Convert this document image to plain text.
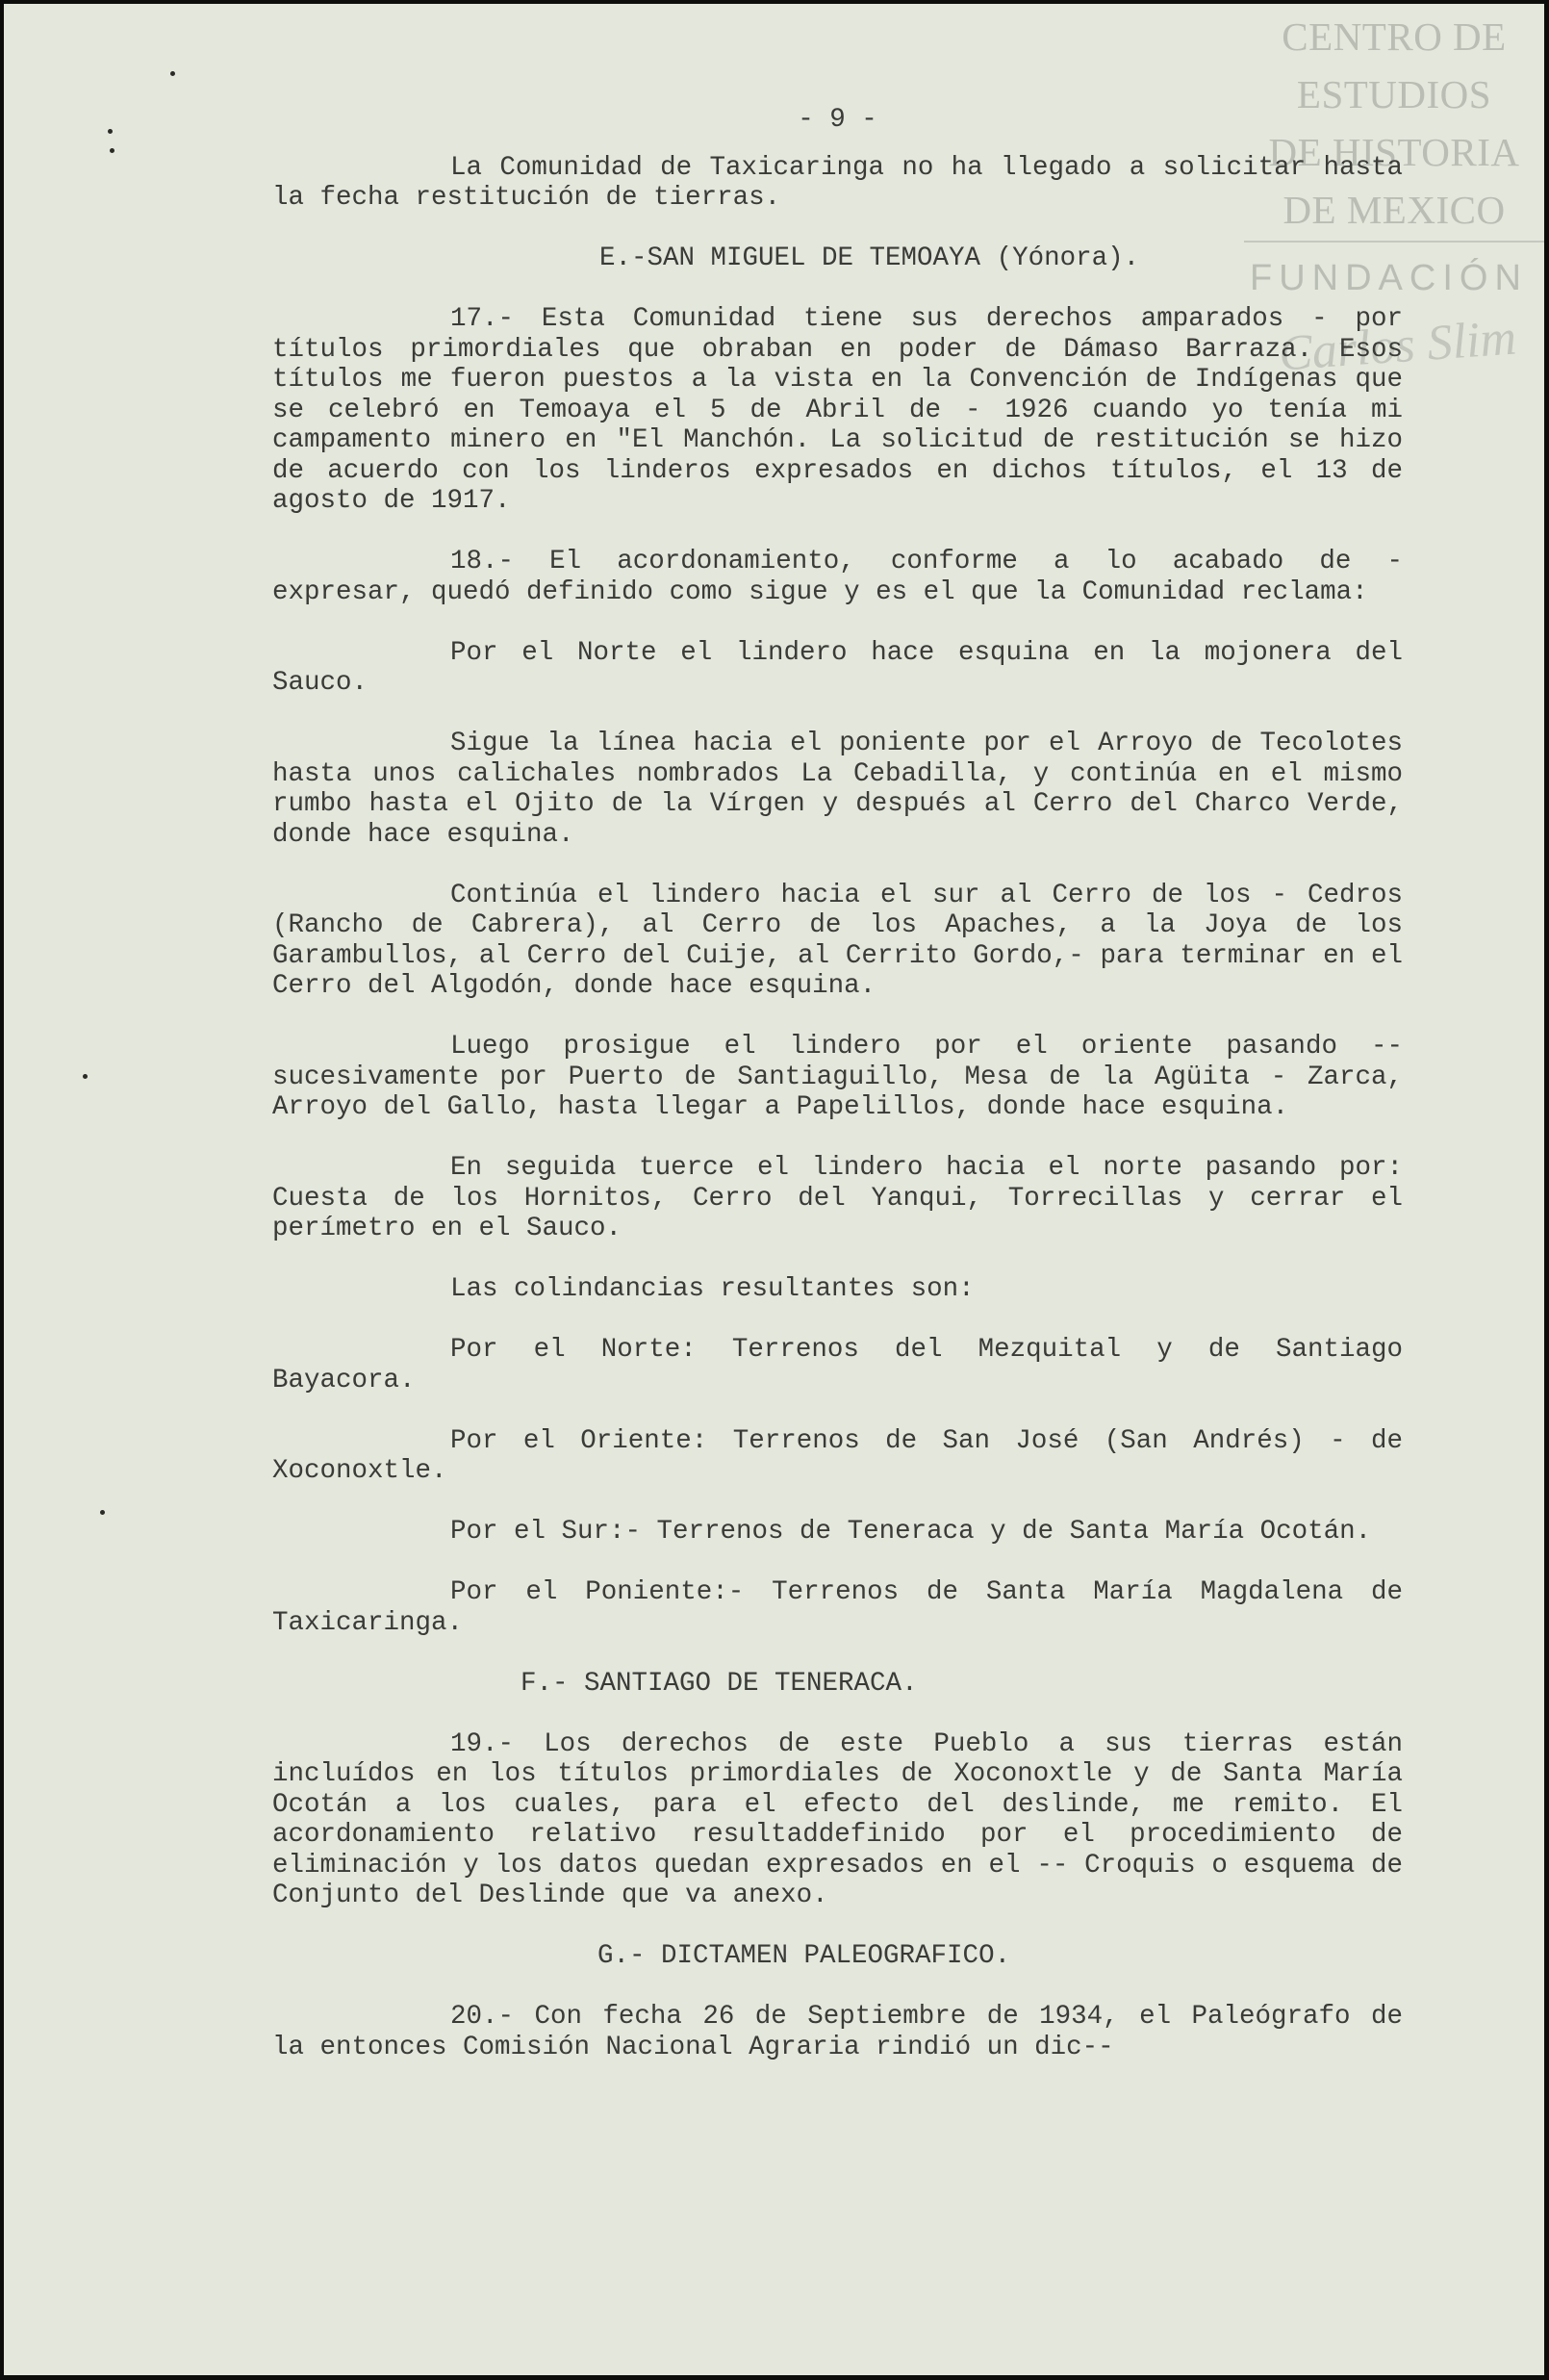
CENTRO DE
ESTUDIOS
DE HISTORIA
DE MEXICO
FUNDACIÓN
Carlos Slim

- 9 -

La Comunidad de Taxicaringa no ha llegado a solicitar hasta la fecha restitución de tierras.

E.-SAN MIGUEL DE TEMOAYA (Yónora).

17.- Esta Comunidad tiene sus derechos amparados - por títulos primordiales que obraban en poder de Dámaso Barraza. Esos títulos me fueron puestos a la vista en la Convención de Indígenas que se celebró en Temoaya el 5 de Abril de - 1926 cuando yo tenía mi campamento minero en "El Manchón. La solicitud de restitución se hizo de acuerdo con los linderos expresados en dichos títulos, el 13 de agosto de 1917.

18.- El acordonamiento, conforme a lo acabado de - expresar, quedó definido como sigue y es el que la Comunidad reclama:

Por el Norte el lindero hace esquina en la mojonera del Sauco.

Sigue la línea hacia el poniente por el Arroyo de Tecolotes hasta unos calichales nombrados La Cebadilla, y continúa en el mismo rumbo hasta el Ojito de la Vírgen y después al Cerro del Charco Verde, donde hace esquina.

Continúa el lindero hacia el sur al Cerro de los - Cedros (Rancho de Cabrera), al Cerro de los Apaches, a la Joya de los Garambullos, al Cerro del Cuije, al Cerrito Gordo,- para terminar en el Cerro del Algodón, donde hace esquina.

Luego prosigue el lindero por el oriente pasando -- sucesivamente por Puerto de Santiaguillo, Mesa de la Agüita - Zarca, Arroyo del Gallo, hasta llegar a Papelillos, donde hace esquina.

En seguida tuerce el lindero hacia el norte pasando por: Cuesta de los Hornitos, Cerro del Yanqui, Torrecillas y cerrar el perímetro en el Sauco.

Las colindancias resultantes son:

Por el Norte: Terrenos del Mezquital y de Santiago Bayacora.

Por el Oriente: Terrenos de San José (San Andrés) - de Xoconoxtle.

Por el Sur:- Terrenos de Teneraca y de Santa María Ocotán.

Por el Poniente:- Terrenos de Santa María Magdalena de Taxicaringa.

F.- SANTIAGO DE TENERACA.

19.- Los derechos de este Pueblo a sus tierras están incluídos en los títulos primordiales de Xoconoxtle y de Santa María Ocotán a los cuales, para el efecto del deslinde, me remito. El acordonamiento relativo resultaddefinido por el procedimiento de eliminación y los datos quedan expresados en el -- Croquis o esquema de Conjunto del Deslinde que va anexo.

G.- DICTAMEN PALEOGRAFICO.

20.- Con fecha 26 de Septiembre de 1934, el Paleógrafo de la entonces Comisión Nacional Agraria rindió un dic--
